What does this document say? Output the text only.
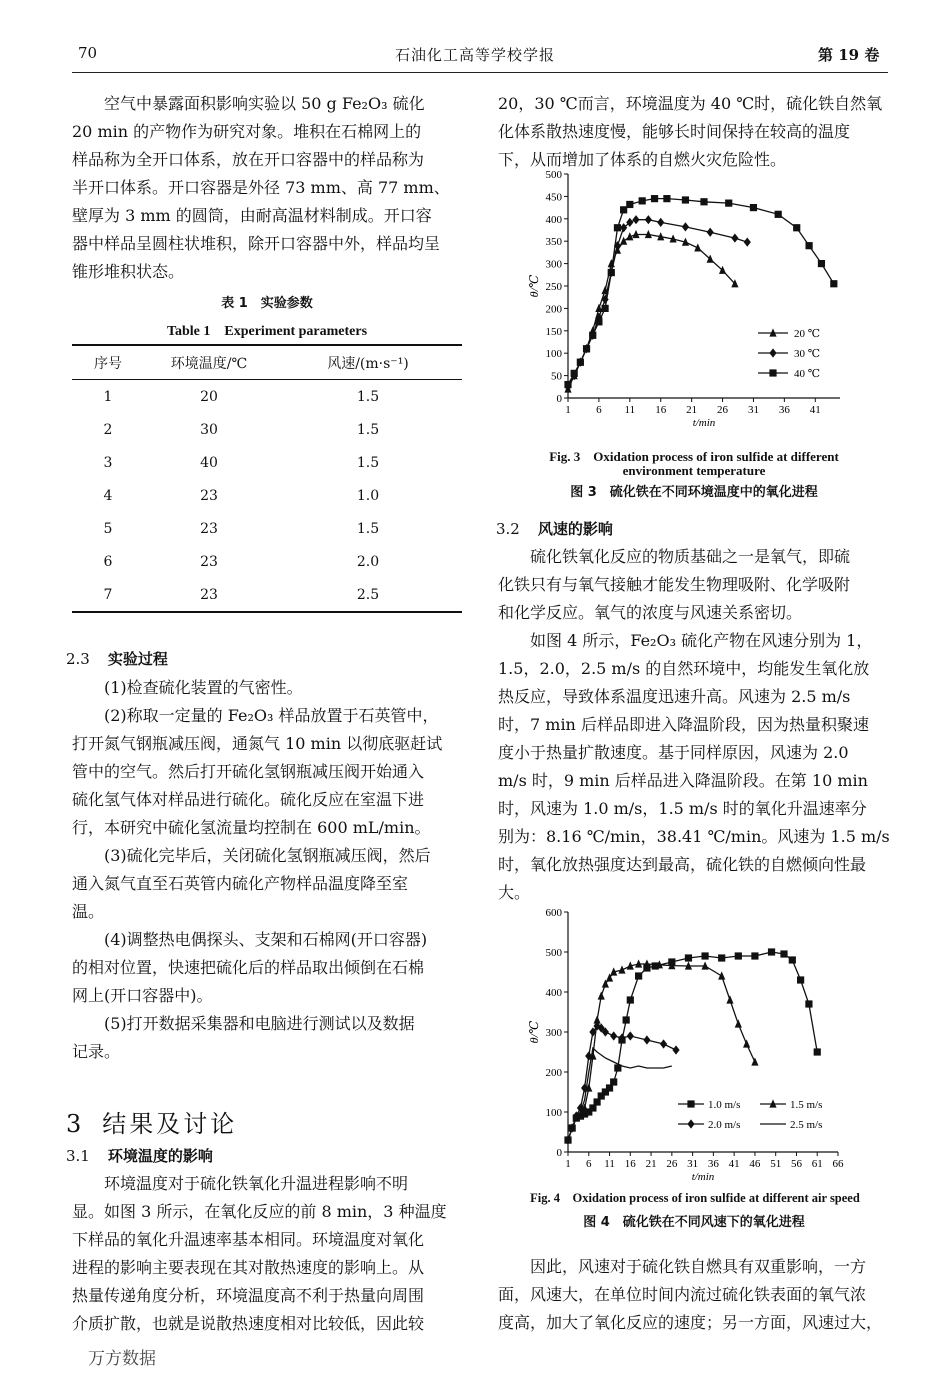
70	石油化工高等学校学报	第 19 卷
空气中暴露面积影响实验以 50 g Fe₂O₃ 硫化
20 min 的产物作为研究对象。堆积在石棉网上的
样品称为全开口体系，放在开口容器中的样品称为
半开口体系。开口容器是外径 73 mm、高 77 mm、
壁厚为 3 mm 的圆筒，由耐高温材料制成。开口容
器中样品呈圆柱状堆积，除开口容器中外，样品均呈
锥形堆积状态。
表 1　实验参数
Table 1　Experiment parameters
序号	环境温度/℃	风速/(m·s⁻¹)
1	20	1.5
2	30	1.5
3	40	1.5
4	23	1.0
5	23	1.5
6	23	2.0
7	23	2.5
2.3 实验过程
(1)检查硫化装置的气密性。
(2)称取一定量的 Fe₂O₃ 样品放置于石英管中，
打开氮气钢瓶减压阀，通氮气 10 min 以彻底驱赶试
管中的空气。然后打开硫化氢钢瓶减压阀开始通入
硫化氢气体对样品进行硫化。硫化反应在室温下进
行，本研究中硫化氢流量均控制在 600 mL/min。
(3)硫化完毕后，关闭硫化氢钢瓶减压阀，然后
通入氮气直至石英管内硫化产物样品温度降至室
温。
(4)调整热电偶探头、支架和石棉网(开口容器)
的相对位置，快速把硫化后的样品取出倾倒在石棉
网上(开口容器中)。
(5)打开数据采集器和电脑进行测试以及数据
记录。
3 结果及讨论
3.1 环境温度的影响
环境温度对于硫化铁氧化升温进程影响不明
显。如图 3 所示，在氧化反应的前 8 min，3 种温度
下样品的氧化升温速率基本相同。环境温度对氧化
进程的影响主要表现在其对散热速度的影响上。从
热量传递角度分析，环境温度高不利于热量向周围
介质扩散，也就是说散热速度相对比较低，因此较
万方数据
20，30 ℃而言，环境温度为 40 ℃时，硫化铁自然氧
化体系散热速度慢，能够长时间保持在较高的温度
下，从而增加了体系的自燃火灾危险性。
0
50
100
150
200
250
300
350
400
450
500
1 6 11 16 21 26 31 36 41
t/min
θ/℃
20 ℃
30 ℃
40 ℃
Fig. 3　Oxidation process of iron sulfide at different
environment temperature
图 3　硫化铁在不同环境温度中的氧化进程
3.2 风速的影响
硫化铁氧化反应的物质基础之一是氧气，即硫
化铁只有与氧气接触才能发生物理吸附、化学吸附
和化学反应。氧气的浓度与风速关系密切。
如图 4 所示，Fe₂O₃ 硫化产物在风速分别为 1，
1.5，2.0，2.5 m/s 的自然环境中，均能发生氧化放
热反应，导致体系温度迅速升高。风速为 2.5 m/s
时，7 min 后样品即进入降温阶段，因为热量积聚速
度小于热量扩散速度。基于同样原因，风速为 2.0
m/s 时，9 min 后样品进入降温阶段。在第 10 min
时，风速为 1.0 m/s，1.5 m/s 时的氧化升温速率分
别为：8.16 ℃/min，38.41 ℃/min。风速为 1.5 m/s
时，氧化放热强度达到最高，硫化铁的自燃倾向性最
大。
0
100
200
300
400
500
600
1 6 11 16 21 26 31 36 41 46 51 56 61 66
t/min
θ/℃
1.0 m/s	1.5 m/s
2.0 m/s	2.5 m/s
Fig. 4　Oxidation process of iron sulfide at different air speed
图 4　硫化铁在不同风速下的氧化进程
因此，风速对于硫化铁自燃具有双重影响，一方
面，风速大，在单位时间内流过硫化铁表面的氧气浓
度高，加大了氧化反应的速度；另一方面，风速过大，
